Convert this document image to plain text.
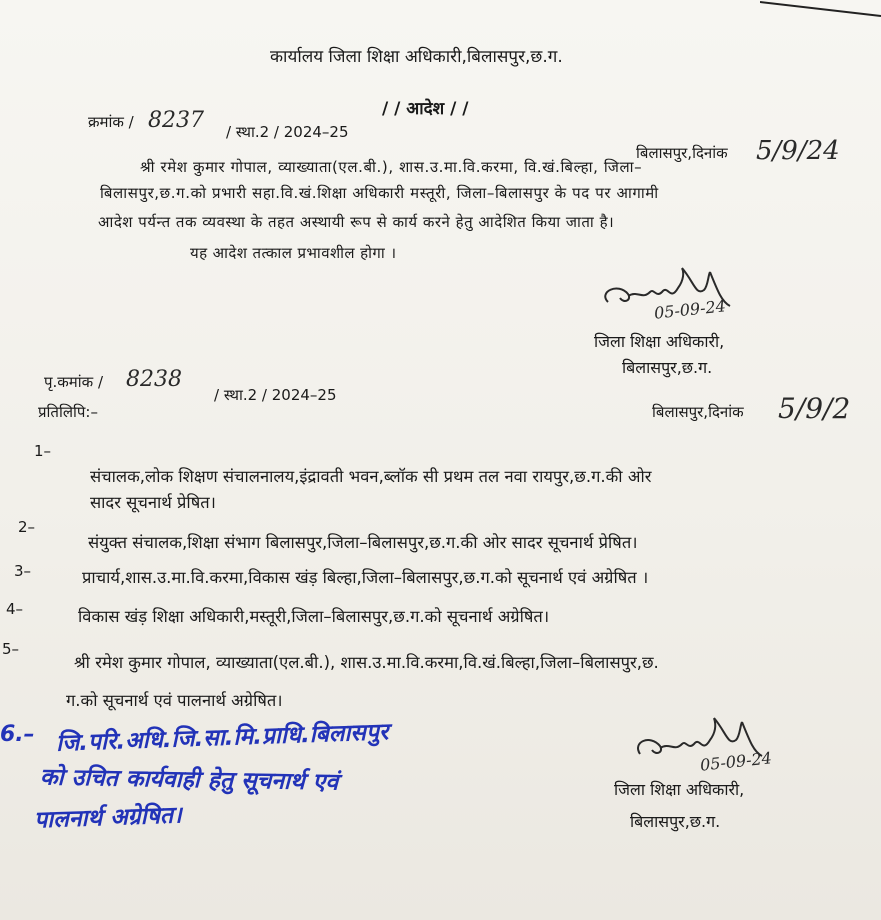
कार्यालय जिला शिक्षा अधिकारी,बिलासपुर,छ.ग.
/ / आदेश / /
क्रमांक / 8237 / स्था.2 / 2024–25
बिलासपुर,दिनांक 5/9/24
श्री रमेश कुमार गोपाल, व्याख्याता(एल.बी.), शास.उ.मा.वि.करमा, वि.खं.बिल्हा, जिला–
बिलासपुर,छ.ग.को प्रभारी सहा.वि.खं.शिक्षा अधिकारी मस्तूरी, जिला–बिलासपुर के पद पर आगामी
आदेश पर्यन्त तक व्यवस्था के तहत अस्थायी रूप से कार्य करने हेतु आदेशित किया जाता है।
यह आदेश तत्काल प्रभावशील होगा ।
05-09-24
जिला शिक्षा अधिकारी,
बिलासपुर,छ.ग.
पृ.कमांक / 8238
/ स्था.2 / 2024–25
प्रतिलिपि:–	बिलासपुर,दिनांक 5/9/2
1–
संचालक,लोक शिक्षण संचालनालय,इंद्रावती भवन,ब्लॉक सी प्रथम तल नवा रायपुर,छ.ग.की ओर
सादर सूचनार्थ प्रेषित।
2–
संयुक्त संचालक,शिक्षा संभाग बिलासपुर,जिला–बिलासपुर,छ.ग.की ओर सादर सूचनार्थ प्रेषित।
3–	प्राचार्य,शास.उ.मा.वि.करमा,विकास खंड़ बिल्हा,जिला–बिलासपुर,छ.ग.को सूचनार्थ एवं अग्रेषित ।
4–	विकास खंड़ शिक्षा अधिकारी,मस्तूरी,जिला–बिलासपुर,छ.ग.को सूचनार्थ अग्रेषित।
5–
श्री रमेश कुमार गोपाल, व्याख्याता(एल.बी.), शास.उ.मा.वि.करमा,वि.खं.बिल्हा,जिला–बिलासपुर,छ.
ग.को सूचनार्थ एवं पालनार्थ अग्रेषित।
6.– जि.परि.अधि.जि.सा.मि.प्राधि.बिलासपुर
को उचित कार्यवाही हेतु सूचनार्थ एवं
पालनार्थ अग्रेषित।
05-09-24
जिला शिक्षा अधिकारी,
बिलासपुर,छ.ग.
